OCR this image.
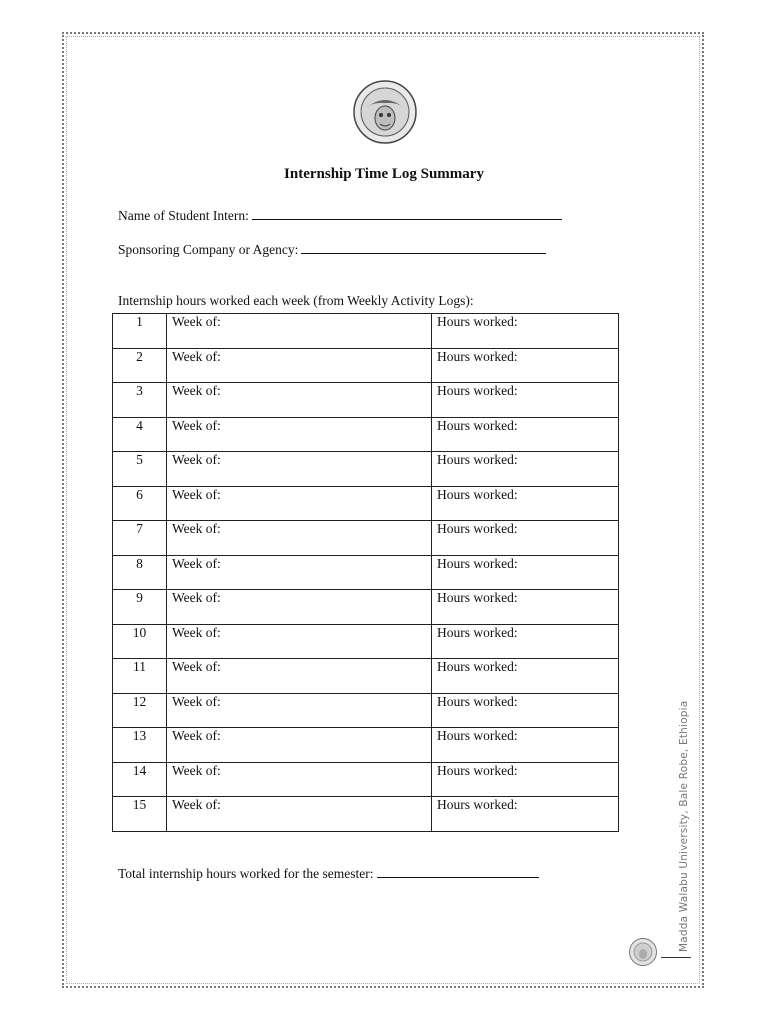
Internship Time Log Summary
Name of Student Intern:
Sponsoring Company or Agency:
Internship hours worked each week (from Weekly Activity Logs):
1	Week of:	Hours worked:
2	Week of:	Hours worked:
3	Week of:	Hours worked:
4	Week of:	Hours worked:
5	Week of:	Hours worked:
6	Week of:	Hours worked:
7	Week of:	Hours worked:
8	Week of:	Hours worked:
9	Week of:	Hours worked:
10	Week of:	Hours worked:
11	Week of:	Hours worked:
12	Week of:	Hours worked:
13	Week of:	Hours worked:
14	Week of:	Hours worked:
15	Week of:	Hours worked:
Total internship hours worked for the semester:	Madda Walabu University, Bale Robe, Ethiopia
